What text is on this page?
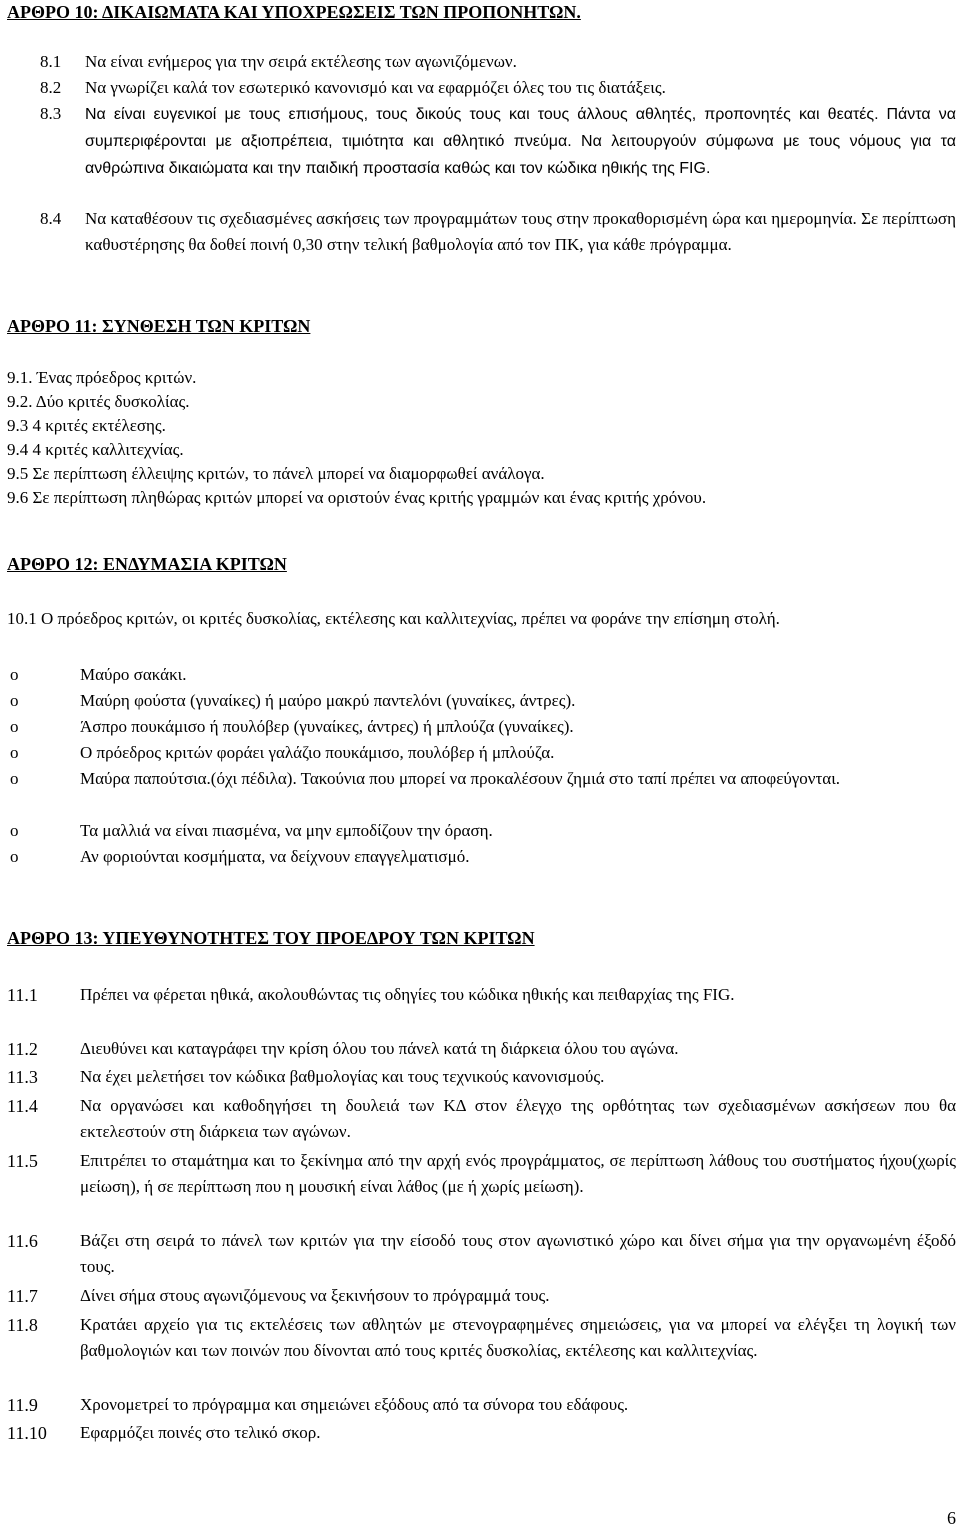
ΑΡΘΡΟ 10: ΔΙΚΑΙΩΜΑΤΑ ΚΑΙ ΥΠΟΧΡΕΩΣΕΙΣ ΤΩΝ ΠΡΟΠΟΝΗΤΩΝ.
8.1 Να είναι ενήμερος για την σειρά εκτέλεσης των αγωνιζόμενων.
8.2 Να γνωρίζει καλά τον εσωτερικό κανονισμό και να εφαρμόζει όλες του τις διατάξεις.
8.3 Να είναι ευγενικοί με τους επισήμους, τους δικούς τους και τους άλλους αθλητές, προπονητές και θεατές. Πάντα να συμπεριφέρονται με αξιοπρέπεια, τιμιότητα και αθλητικό πνεύμα. Να λειτουργούν σύμφωνα με τους νόμους για τα ανθρώπινα δικαιώματα και την παιδική προστασία καθώς και τον κώδικα ηθικής της FIG.
8.4 Να καταθέσουν τις σχεδιασμένες ασκήσεις των προγραμμάτων τους στην προκαθορισμένη ώρα και ημερομηνία. Σε περίπτωση καθυστέρησης θα δοθεί ποινή 0,30 στην τελική βαθμολογία από τον ΠΚ, για κάθε πρόγραμμα.
ΑΡΘΡΟ 11: ΣΥΝΘΕΣΗ ΤΩΝ ΚΡΙΤΩΝ
9.1. Ένας πρόεδρος κριτών.
9.2. Δύο κριτές δυσκολίας.
9.3 4 κριτές εκτέλεσης.
9.4 4 κριτές καλλιτεχνίας.
9.5 Σε περίπτωση έλλειψης κριτών, το πάνελ μπορεί να διαμορφωθεί ανάλογα.
9.6 Σε περίπτωση πληθώρας κριτών μπορεί να οριστούν ένας κριτής γραμμών και ένας κριτής χρόνου.
ΑΡΘΡΟ 12: ΕΝΔΥΜΑΣΙΑ ΚΡΙΤΩΝ
10.1 Ο πρόεδρος κριτών, οι κριτές δυσκολίας, εκτέλεσης και καλλιτεχνίας, πρέπει να φοράνε την επίσημη στολή.
o	Μαύρο σακάκι.
o	Μαύρη φούστα (γυναίκες) ή μαύρο μακρύ παντελόνι (γυναίκες, άντρες).
o	Άσπρο πουκάμισο ή πουλόβερ (γυναίκες, άντρες) ή μπλούζα (γυναίκες).
o	Ο πρόεδρος κριτών φοράει γαλάζιο πουκάμισο, πουλόβερ ή μπλούζα.
o	Μαύρα παπούτσια.(όχι πέδιλα). Τακούνια που μπορεί να προκαλέσουν ζημιά στο ταπί πρέπει να αποφεύγονται.
o	Τα μαλλιά να είναι πιασμένα, να μην εμποδίζουν την όραση.
o	Αν φοριούνται κοσμήματα, να δείχνουν επαγγελματισμό.
ΑΡΘΡΟ 13: ΥΠΕΥΘΥΝΟΤΗΤΕΣ ΤΟΥ ΠΡΟΕΔΡΟΥ ΤΩΝ ΚΡΙΤΩΝ
11.1 Πρέπει να φέρεται ηθικά, ακολουθώντας τις οδηγίες του κώδικα ηθικής και πειθαρχίας της FIG.
11.2 Διευθύνει και καταγράφει την κρίση όλου του πάνελ κατά τη διάρκεια όλου του αγώνα.
11.3 Να έχει μελετήσει τον κώδικα βαθμολογίας και τους τεχνικούς κανονισμούς.
11.4 Να οργανώσει και καθοδηγήσει τη δουλειά των ΚΔ στον έλεγχο της ορθότητας των σχεδιασμένων ασκήσεων που θα εκτελεστούν στη διάρκεια των αγώνων.
11.5 Επιτρέπει το σταμάτημα και το ξεκίνημα από την αρχή ενός προγράμματος, σε περίπτωση λάθους του συστήματος ήχου(χωρίς μείωση), ή σε περίπτωση που η μουσική είναι λάθος (με ή χωρίς μείωση).
11.6 Βάζει στη σειρά το πάνελ των κριτών για την είσοδό τους στον αγωνιστικό χώρο και δίνει σήμα για την οργανωμένη έξοδό τους.
11.7 Δίνει σήμα στους αγωνιζόμενους να ξεκινήσουν το πρόγραμμά τους.
11.8 Κρατάει αρχείο για τις εκτελέσεις των αθλητών με στενογραφημένες σημειώσεις, για να μπορεί να ελέγξει τη λογική των βαθμολογιών και των ποινών που δίνονται από τους κριτές δυσκολίας, εκτέλεσης και καλλιτεχνίας.
11.9 Χρονομετρεί το πρόγραμμα και σημειώνει εξόδους από τα σύνορα του εδάφους.
11.10 Εφαρμόζει ποινές στο τελικό σκορ.
6
